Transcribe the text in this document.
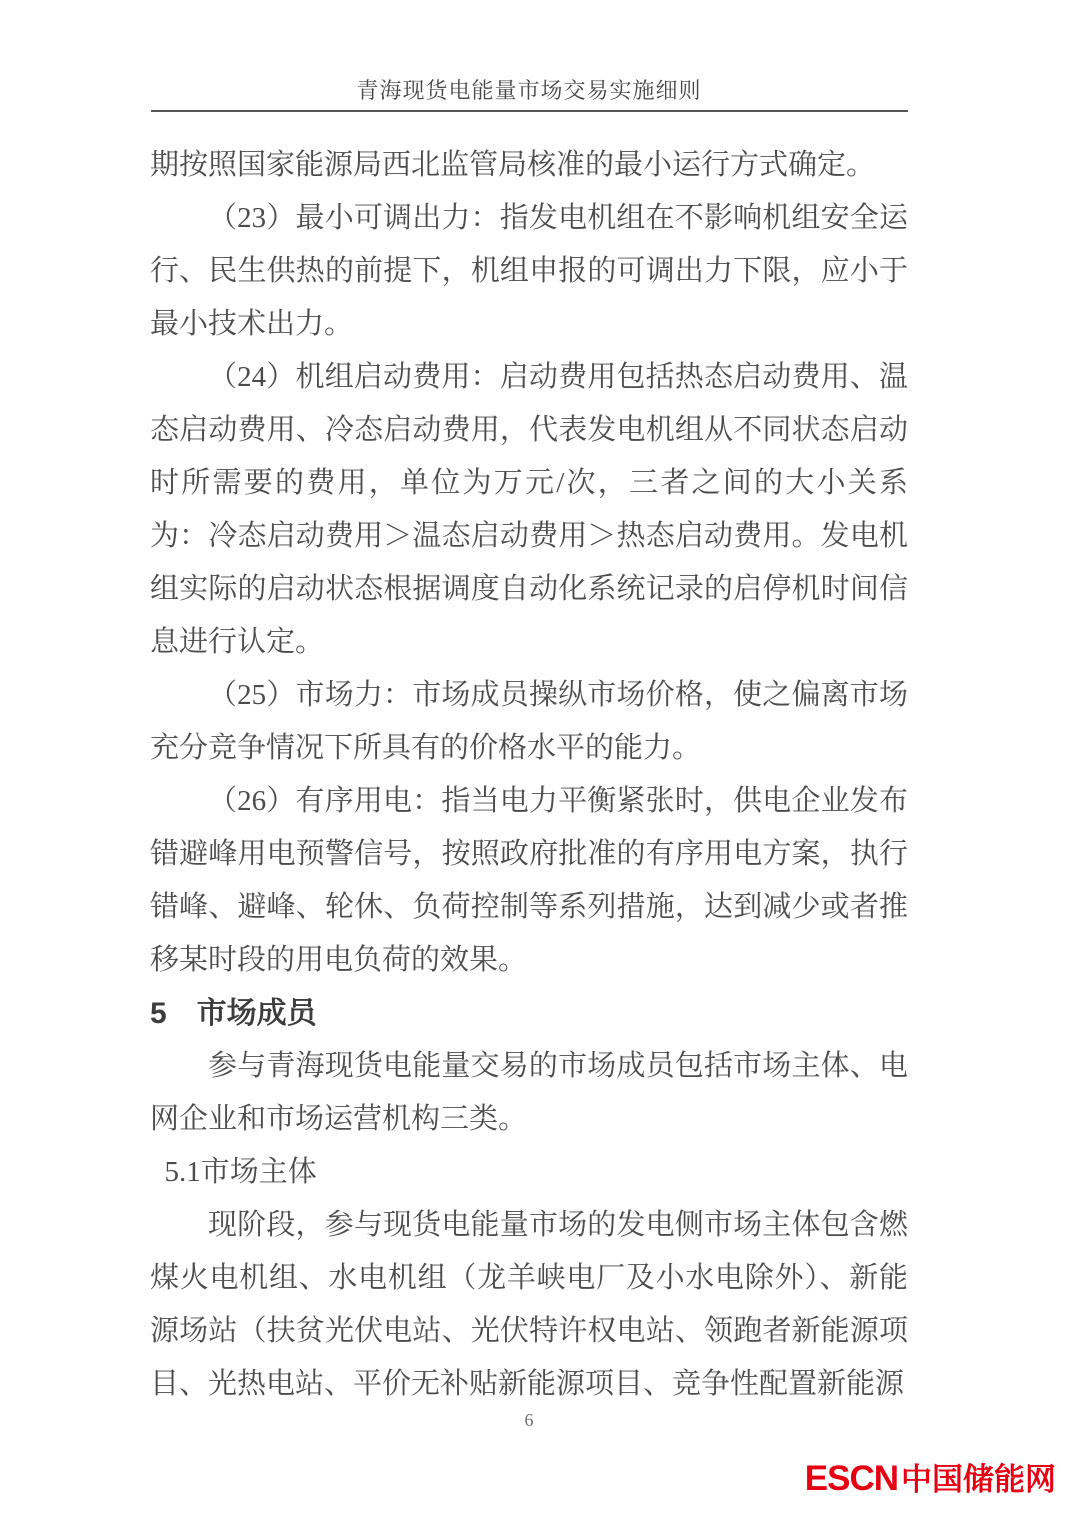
青海现货电能量市场交易实施细则
期按照国家能源局西北监管局核准的最小运行方式确定。
（23）最小可调出力：指发电机组在不影响机组安全运行、民生供热的前提下，机组申报的可调出力下限，应小于最小技术出力。
（24）机组启动费用：启动费用包括热态启动费用、温态启动费用、冷态启动费用，代表发电机组从不同状态启动时所需要的费用，单位为万元/次，三者之间的大小关系为：冷态启动费用＞温态启动费用＞热态启动费用。发电机组实际的启动状态根据调度自动化系统记录的启停机时间信息进行认定。
（25）市场力：市场成员操纵市场价格，使之偏离市场充分竞争情况下所具有的价格水平的能力。
（26）有序用电：指当电力平衡紧张时，供电企业发布错避峰用电预警信号，按照政府批准的有序用电方案，执行错峰、避峰、轮休、负荷控制等系列措施，达到减少或者推移某时段的用电负荷的效果。
5　市场成员
参与青海现货电能量交易的市场成员包括市场主体、电网企业和市场运营机构三类。
5.1市场主体
现阶段，参与现货电能量市场的发电侧市场主体包含燃煤火电机组、水电机组（龙羊峡电厂及小水电除外）、新能源场站（扶贫光伏电站、光伏特许权电站、领跑者新能源项目、光热电站、平价无补贴新能源项目、竞争性配置新能源
6
ESCN中国储能网
